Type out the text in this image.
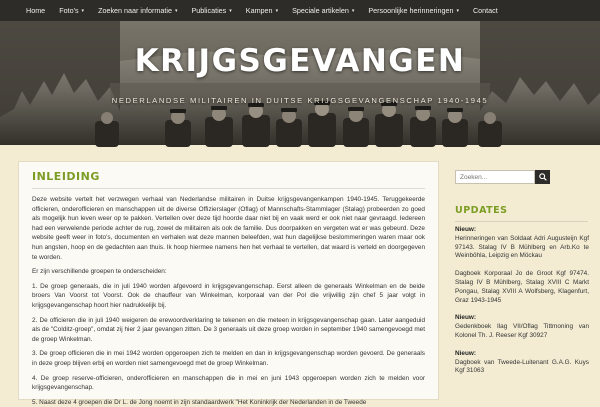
Home Foto's ▾ Zoeken naar informatie ▾ Publicaties ▾ Kampen ▾ Speciale artikelen ▾ Persoonlijke herinneringen ▾ Contact
KRIJGSGEVANGEN
NEDERLANDSE MILITAIREN IN DUITSE KRIJGSGEVANGENSCHAP 1940-1945
INLEIDING

Deze website vertelt het verzwegen verhaal van Nederlandse militairen in Duitse krijgsgevangenkampen 1940-1945. Teruggekeerde officieren, onderofficieren en manschappen uit de diverse Offizierslager (Oflag) of Mannschafts-Stammlager (Stalag) probeerden zo goed als mogelijk hun leven weer op te pakken. Vertellen over deze tijd hoorde daar niet bij en vaak werd er ook niet naar gevraagd. Iedereen had een verwelende periode achter de rug, zowel de militairen als ook de familie. Dus doorpakken en vergeten wat er was gebeurd. Deze website geeft weer in foto's, documenten en verhalen wat deze mannen beleefden, wat hun dagelijkse beslommeringen waren maar ook hun angsten, hoop en de gedachten aan thuis. Ik hoop hiermee namens hen het verhaal te vertellen, dat waard is verteld en doorgegeven te worden.

Er zijn verschillende groepen te onderscheiden:

1. De groep generaals, die in juli 1940 worden afgevoerd in krijgsgevangenschap. Eerst alleen de generaals Winkelman en de beide broers Van Voorst tot Voorst. Ook de chauffeur van Winkelman, korporaal van der Pol die vrijwillig zijn chef 5 jaar volgt in krijgsgevangenschap hoort hier nadrukkelijk bij.

2. De officieren die in juli 1940 weigeren de erewoordverklaring te tekenen en die meteen in krijgsgevangenschap gaan. Later aangeduid als de "Colditz-groep", omdat zij hier 2 jaar gevangen zitten. De 3 generaals uit deze groep worden in september 1940 samengevoegd met de groep Winkelman.

3. De groep officieren die in mei 1942 worden opgeroepen zich te melden en dan in krijgsgevangenschap worden gevoerd. De generaals in deze groep blijven erbij en worden niet samengevoegd met de groep Winkelman.

4. De groep reserve-officieren, onderofficieren en manschappen die in mei en juni 1943 opgeroepen worden zich te melden voor krijgsgevangenschap.

5. Naast deze 4 groepen die Dr L. de Jong noemt in zijn standaardwerk "Het Koninkrijk der Nederlanden in de Tweede

Zoeken...
UPDATES
Nieuw:
Herinneringen van Soldaat Adri Augusteijn Kgf 97143. Stalag IV B Mühlberg en Arb.Ko te Weinböhla, Leipzig en Möckau
Dagboek Korporaal Jo de Groot Kgf 97474. Stalag IV B Mühlberg, Stalag XVIII C Markt Pongau, Stalag XVIII A Wolfsberg, Klagenfurt, Graz 1943-1945
Nieuw:
Gedenkboek Ilag VII/Oflag Tittmoning van Kolonel Th. J. Reeser Kgf 30927
Nieuw:
Dagboek van Tweede-Luitenant G.A.G. Kuys Kgf 31063
